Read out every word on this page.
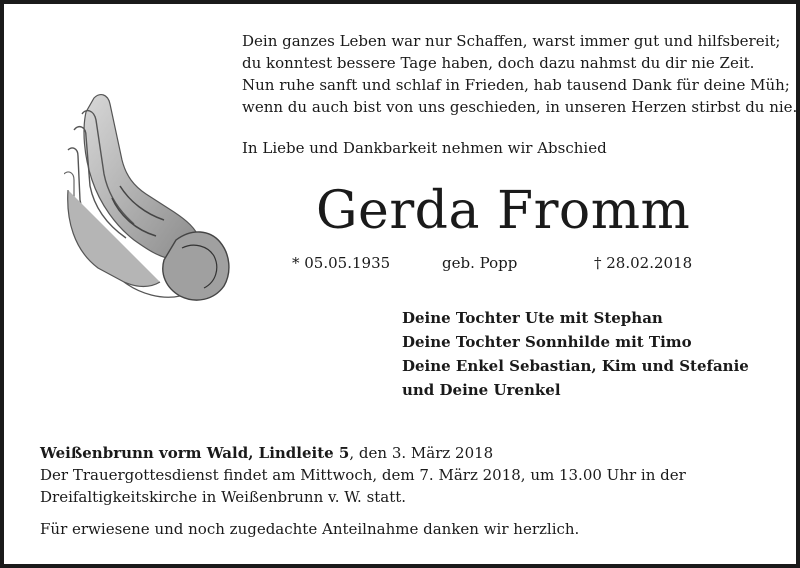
Dein ganzes Leben war nur Schaffen, warst immer gut und hilfsbereit;
du konntest bessere Tage haben, doch dazu nahmst du dir nie Zeit.
Nun ruhe sanft und schlaf in Frieden, hab tausend Dank für deine Müh;
wenn du auch bist von uns geschieden, in unseren Herzen stirbst du nie.
In Liebe und Dankbarkeit nehmen wir Abschied
Gerda Fromm
* 05.05.1935	geb. Popp	† 28.02.2018
Deine Tochter Ute mit Stephan
Deine Tochter Sonnhilde mit Timo
Deine Enkel Sebastian, Kim und Stefanie
und Deine Urenkel
Weißenbrunn vorm Wald, Lindleite 5, den 3. März 2018
Der Trauergottesdienst findet am Mittwoch, dem 7. März 2018, um 13.00 Uhr in der
Dreifaltigkeitskirche in Weißenbrunn v. W. statt.
Für erwiesene und noch zugedachte Anteilnahme danken wir herzlich.
